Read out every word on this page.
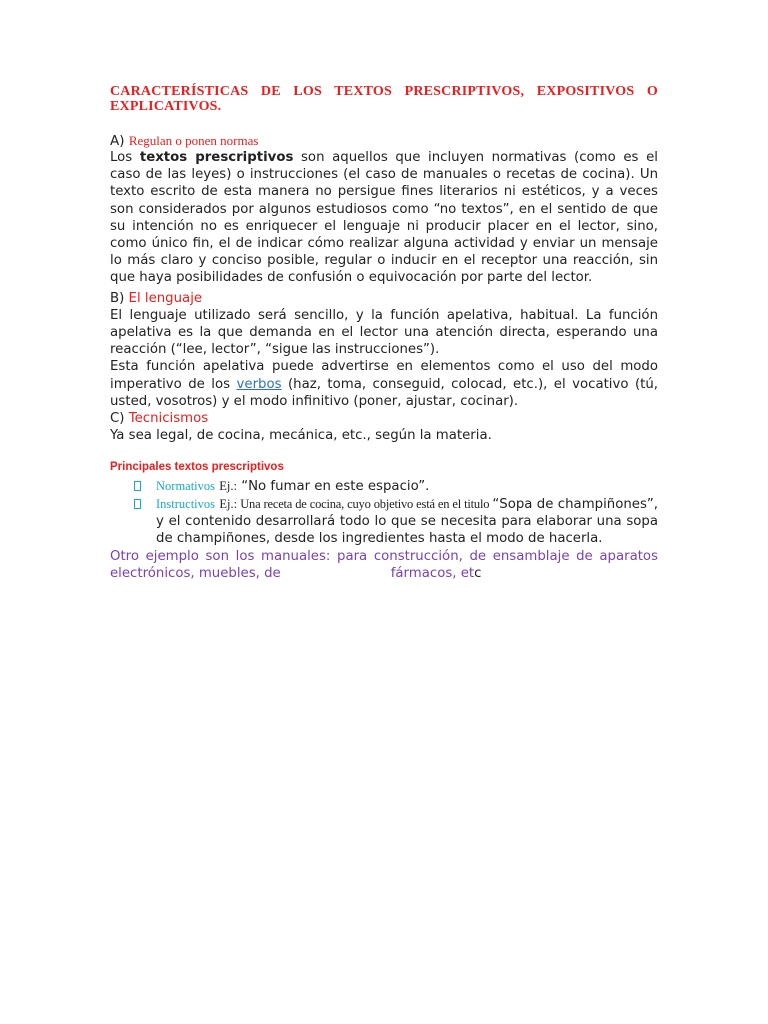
CARACTERÍSTICAS DE LOS TEXTOS PRESCRIPTIVOS, EXPOSITIVOS O EXPLICATIVOS.
A) Regulan o ponen normas

Los textos prescriptivos son aquellos que incluyen normativas (como es el caso de las leyes) o instrucciones (el caso de manuales o recetas de cocina). Un texto escrito de esta manera no persigue fines literarios ni estéticos, y a veces son considerados por algunos estudiosos como “no textos”, en el sentido de que su intención no es enriquecer el lenguaje ni producir placer en el lector, sino, como único fin, el de indicar cómo realizar alguna actividad y enviar un mensaje lo más claro y conciso posible, regular o inducir en el receptor una reacción, sin que haya posibilidades de confusión o equivocación por parte del lector.

B) El lenguaje

El lenguaje utilizado será sencillo, y la función apelativa, habitual. La función apelativa es la que demanda en el lector una atención directa, esperando una reacción (“lee, lector”, “sigue las instrucciones”).

Esta función apelativa puede advertirse en elementos como el uso del modo imperativo de los verbos (haz, toma, conseguid, colocad, etc.), el vocativo (tú, usted, vosotros) y el modo infinitivo (poner, ajustar, cocinar).

C) Tecnicismos

Ya sea legal, de cocina, mecánica, etc., según la materia.

Principales textos prescriptivos
Normativos Ej.: “No fumar en este espacio”.
Instructivos Ej.: Una receta de cocina, cuyo objetivo está en el titulo “Sopa de champiñones”, y el contenido desarrollará todo lo que se necesita para elaborar una sopa de champiñones, desde los ingredientes hasta el modo de hacerla.

Otro ejemplo son los manuales: para construcción, de ensamblaje de aparatos electrónicos, muebles, de	fármacos, etc
